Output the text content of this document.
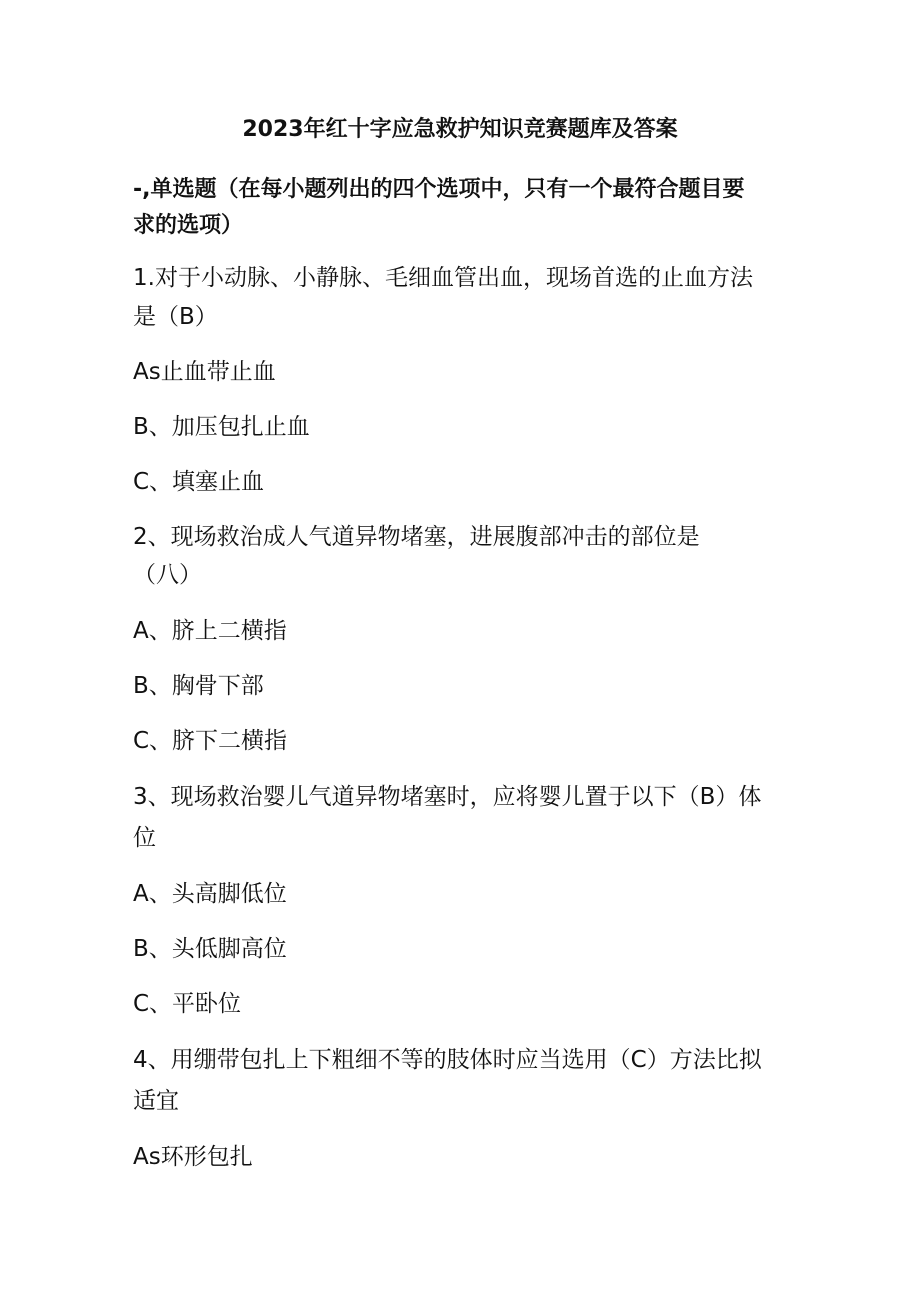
2023年红十字应急救护知识竞赛题库及答案
-,单选题（在每小题列出的四个选项中，只有一个最符合题目要
求的选项）
1.对于小动脉、小静脉、毛细血管出血，现场首选的止血方法
是（B）
As止血带止血
B、加压包扎止血
C、填塞止血
2、现场救治成人气道异物堵塞，进展腹部冲击的部位是
（八）
A、脐上二横指
B、胸骨下部
C、脐下二横指
3、现场救治婴儿气道异物堵塞时，应将婴儿置于以下（B）体
位
A、头高脚低位
B、头低脚高位
C、平卧位
4、用绷带包扎上下粗细不等的肢体时应当选用（C）方法比拟
适宜
As环形包扎
